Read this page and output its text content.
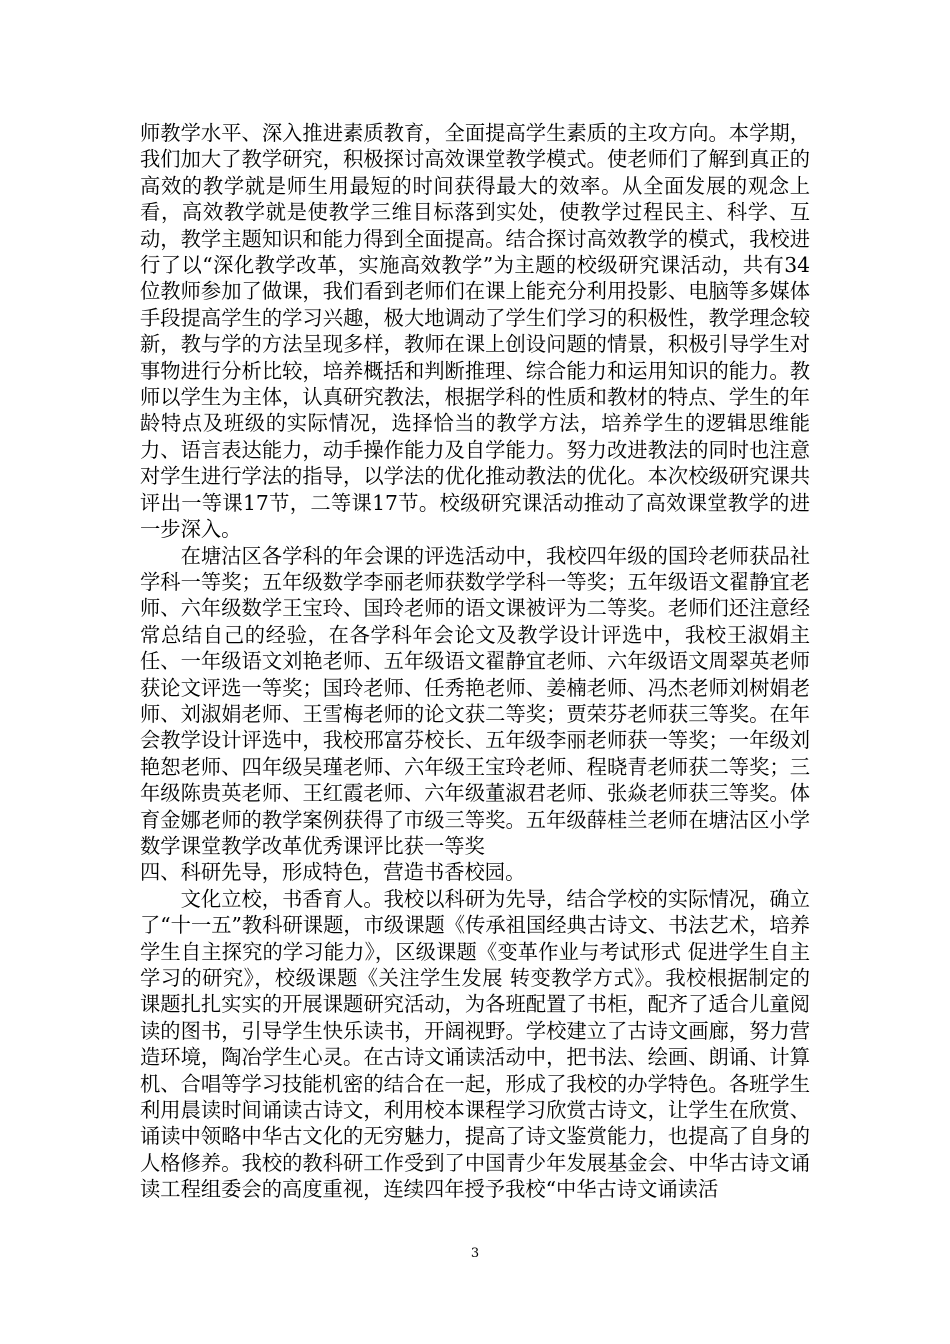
师教学水平、深入推进素质教育，全面提高学生素质的主攻方向。本学期，我们加大了教学研究，积极探讨高效课堂教学模式。使老师们了解到真正的高效的教学就是师生用最短的时间获得最大的效率。从全面发展的观念上看，高效教学就是使教学三维目标落到实处，使教学过程民主、科学、互动，教学主题知识和能力得到全面提高。结合探讨高效教学的模式，我校进行了以“深化教学改革，实施高效教学”为主题的校级研究课活动，共有34位教师参加了做课，我们看到老师们在课上能充分利用投影、电脑等多媒体手段提高学生的学习兴趣，极大地调动了学生们学习的积极性，教学理念较新，教与学的方法呈现多样，教师在课上创设问题的情景，积极引导学生对事物进行分析比较，培养概括和判断推理、综合能力和运用知识的能力。教师以学生为主体，认真研究教法，根据学科的性质和教材的特点、学生的年龄特点及班级的实际情况，选择恰当的教学方法，培养学生的逻辑思维能力、语言表达能力，动手操作能力及自学能力。努力改进教法的同时也注意对学生进行学法的指导，以学法的优化推动教法的优化。本次校级研究课共评出一等课17节，二等课17节。校级研究课活动推动了高效课堂教学的进一步深入。

在塘沽区各学科的年会课的评选活动中，我校四年级的国玲老师获品社学科一等奖；五年级数学李丽老师获数学学科一等奖；五年级语文翟静宜老师、六年级数学王宝玲、国玲老师的语文课被评为二等奖。老师们还注意经常总结自己的经验，在各学科年会论文及教学设计评选中，我校王淑娟主任、一年级语文刘艳老师、五年级语文翟静宜老师、六年级语文周翠英老师获论文评选一等奖；国玲老师、任秀艳老师、姜楠老师、冯杰老师刘树娟老师、刘淑娟老师、王雪梅老师的论文获二等奖；贾荣芬老师获三等奖。在年会教学设计评选中，我校邢富芬校长、五年级李丽老师获一等奖；一年级刘艳恕老师、四年级吴瑾老师、六年级王宝玲老师、程晓青老师获二等奖；三年级陈贵英老师、王红霞老师、六年级董淑君老师、张焱老师获三等奖。体育金娜老师的教学案例获得了市级三等奖。五年级薛桂兰老师在塘沽区小学数学课堂教学改革优秀课评比获一等奖

四、科研先导，形成特色，营造书香校园。

文化立校，书香育人。我校以科研为先导，结合学校的实际情况，确立了“十一五”教科研课题，市级课题《传承祖国经典古诗文、书法艺术，培养学生自主探究的学习能力》，区级课题《变革作业与考试形式 促进学生自主学习的研究》，校级课题《关注学生发展 转变教学方式》。我校根据制定的课题扎扎实实的开展课题研究活动，为各班配置了书柜，配齐了适合儿童阅读的图书，引导学生快乐读书，开阔视野。学校建立了古诗文画廊，努力营造环境，陶冶学生心灵。在古诗文诵读活动中，把书法、绘画、朗诵、计算机、合唱等学习技能机密的结合在一起，形成了我校的办学特色。各班学生利用晨读时间诵读古诗文，利用校本课程学习欣赏古诗文，让学生在欣赏、诵读中领略中华古文化的无穷魅力，提高了诗文鉴赏能力，也提高了自身的人格修养。我校的教科研工作受到了中国青少年发展基金会、中华古诗文诵读工程组委会的高度重视，连续四年授予我校“中华古诗文诵读活

3
